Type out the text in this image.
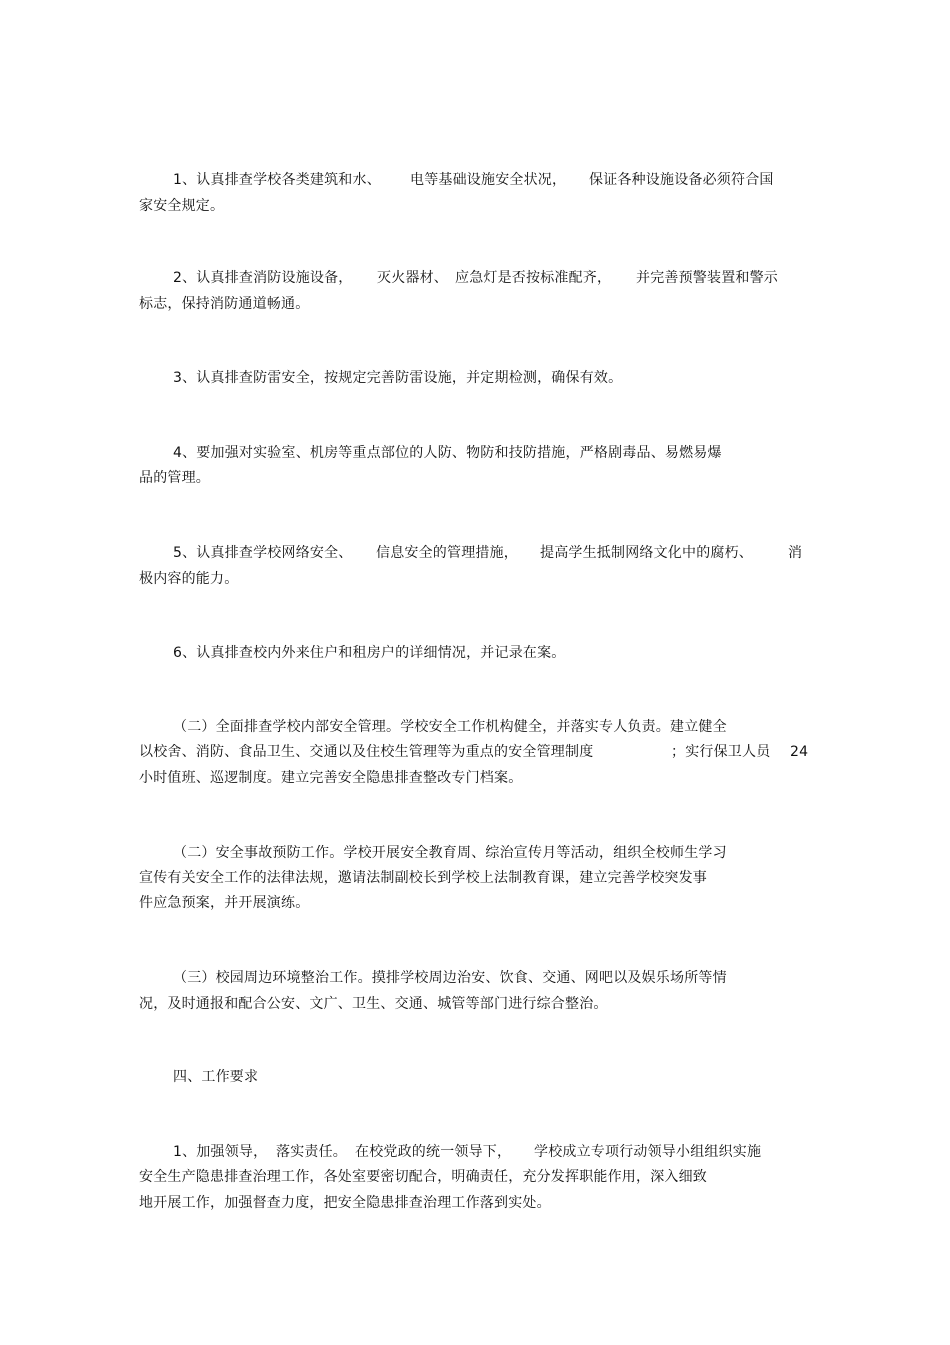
1、认真排查学校各类建筑和水、 电等基础设施安全状况， 保证各种设施设备必须符合国
家安全规定。
2、认真排查消防设施设备， 灭火器材、 应急灯是否按标准配齐， 并完善预警装置和警示
标志，保持消防通道畅通。
3、认真排查防雷安全，按规定完善防雷设施，并定期检测，确保有效。
4、要加强对实验室、机房等重点部位的人防、物防和技防措施，严格剧毒品、易燃易爆
品的管理。
5、认真排查学校网络安全、 信息安全的管理措施， 提高学生抵制网络文化中的腐朽、	消
极内容的能力。
6、认真排查校内外来住户和租房户的详细情况，并记录在案。
（二）全面排查学校内部安全管理。学校安全工作机构健全，并落实专人负责。建立健全
以校舍、消防、食品卫生、交通以及住校生管理等为重点的安全管理制度	；实行保卫人员 24
小时值班、巡逻制度。建立完善安全隐患排查整改专门档案。
（二）安全事故预防工作。学校开展安全教育周、综治宣传月等活动，组织全校师生学习
宣传有关安全工作的法律法规，邀请法制副校长到学校上法制教育课，建立完善学校突发事
件应急预案，并开展演练。
（三）校园周边环境整治工作。摸排学校周边治安、饮食、交通、网吧以及娱乐场所等情
况，及时通报和配合公安、文广、卫生、交通、城管等部门进行综合整治。
四、工作要求
1、加强领导， 落实责任。 在校党政的统一领导下， 学校成立专项行动领导小组组织实施
安全生产隐患排查治理工作，各处室要密切配合，明确责任，充分发挥职能作用，深入细致
地开展工作，加强督查力度，把安全隐患排查治理工作落到实处。
